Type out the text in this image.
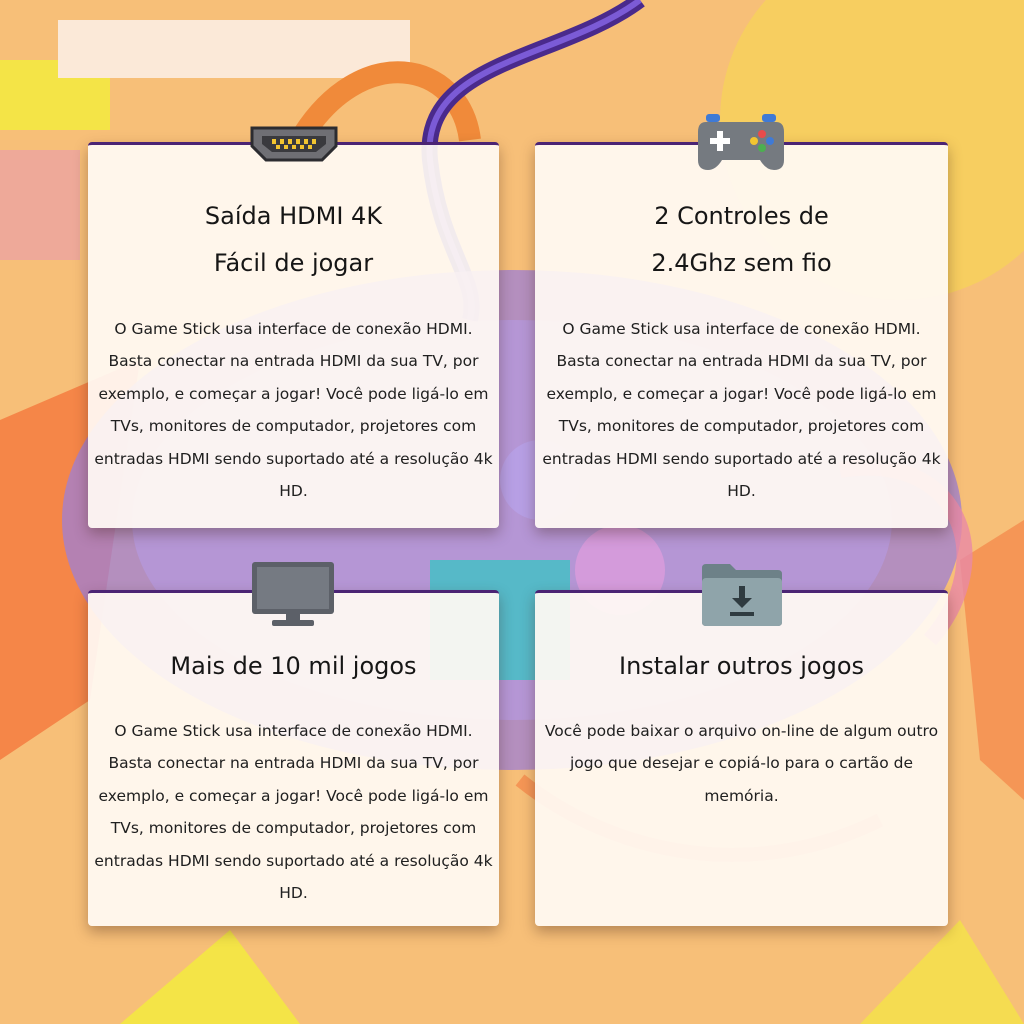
Saída HDMI 4K
Fácil de jogar
O Game Stick usa interface de conexão HDMI. Basta conectar na entrada HDMI da sua TV, por exemplo, e começar a jogar! Você pode ligá-lo em TVs, monitores de computador, projetores com entradas HDMI sendo suportado até a resolução 4k HD.
2 Controles de
2.4Ghz sem fio
O Game Stick usa interface de conexão HDMI. Basta conectar na entrada HDMI da sua TV, por exemplo, e começar a jogar! Você pode ligá-lo em TVs, monitores de computador, projetores com entradas HDMI sendo suportado até a resolução 4k HD.
Mais de 10 mil jogos
O Game Stick usa interface de conexão HDMI. Basta conectar na entrada HDMI da sua TV, por exemplo, e começar a jogar! Você pode ligá-lo em TVs, monitores de computador, projetores com entradas HDMI sendo suportado até a resolução 4k HD.
Instalar outros jogos
Você pode baixar o arquivo on-line de algum outro jogo que desejar e copiá-lo para o cartão de memória.
